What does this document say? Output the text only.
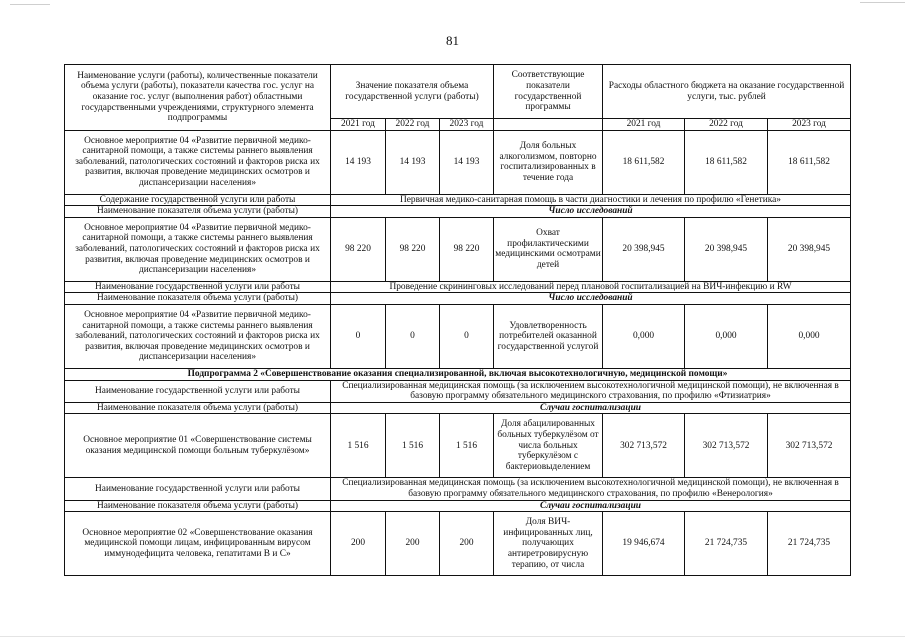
81
Наименование услуги (работы), количественные показатели объема услуги (работы), показатели качества гос. услуг на оказание гос. услуг (выполнения работ) областными государственными учреждениями, структурного элемента подпрограммы	Значение показателя объема государственной услуги (работы)			Соответствующие показатели государственной программы	Расходы областного бюджета на оказание государственной услуги, тыс. рублей		
	2021 год	2022 год	2023 год		2021 год	2022 год	2023 год
Основное мероприятие 04 «Развитие первичной медико-санитарной помощи, а также системы раннего выявления заболеваний, патологических состояний и факторов риска их развития, включая проведение медицинских осмотров и диспансеризации населения»	14 193	14 193	14 193	Доля больных алкоголизмом, повторно госпитализированных в течение года	18 611,582	18 611,582	18 611,582
Содержание государственной услуги или работы	Первичная медико-санитарная помощь в части диагностики и лечения по профилю «Генетика»						
Наименование показателя объема услуги (работы)	Число исследований						
Основное мероприятие 04 «Развитие первичной медико-санитарной помощи, а также системы раннего выявления заболеваний, патологических состояний и факторов риска их развития, включая проведение медицинских осмотров и диспансеризации населения»	98 220	98 220	98 220	Охват профилактическими медицинскими осмотрами детей	20 398,945	20 398,945	20 398,945
Наименование государственной услуги или работы	Проведение скрининговых исследований перед плановой госпитализацией на ВИЧ-инфекцию и RW						
Наименование показателя объема услуги (работы)	Число исследований						
Основное мероприятие 04 «Развитие первичной медико-санитарной помощи, а также системы раннего выявления заболеваний, патологических состояний и факторов риска их развития, включая проведение медицинских осмотров и диспансеризации населения»	0	0	0	Удовлетворенность потребителей оказанной государственной услугой	0,000	0,000	0,000
Подпрограмма 2 «Совершенствование оказания специализированной, включая высокотехнологичную, медицинской помощи»							
Наименование государственной услуги или работы	Специализированная медицинская помощь (за исключением высокотехнологичной медицинской помощи), не включенная в базовую программу обязательного медицинского страхования, по профилю «Фтизиатрия»						
Наименование показателя объема услуги (работы)	Случаи госпитализации						
Основное мероприятие 01 «Совершенствование системы оказания медицинской помощи больным туберкулёзом»	1 516	1 516	1 516	Доля абацилированных больных туберкулёзом от числа больных туберкулёзом с бактериовыделением	302 713,572	302 713,572	302 713,572
Наименование государственной услуги или работы	Специализированная медицинская помощь (за исключением высокотехнологичной медицинской помощи), не включенная в базовую программу обязательного медицинского страхования, по профилю «Венерология»						
Наименование показателя объема услуги (работы)	Случаи госпитализации						
Основное мероприятие 02 «Совершенствование оказания медицинской помощи лицам, инфицированным вирусом иммунодефицита человека, гепатитами В и С»	200	200	200	Доля ВИЧ-инфицированных лиц, получающих антиретровирусную терапию, от числа	19 946,674	21 724,735	21 724,735
